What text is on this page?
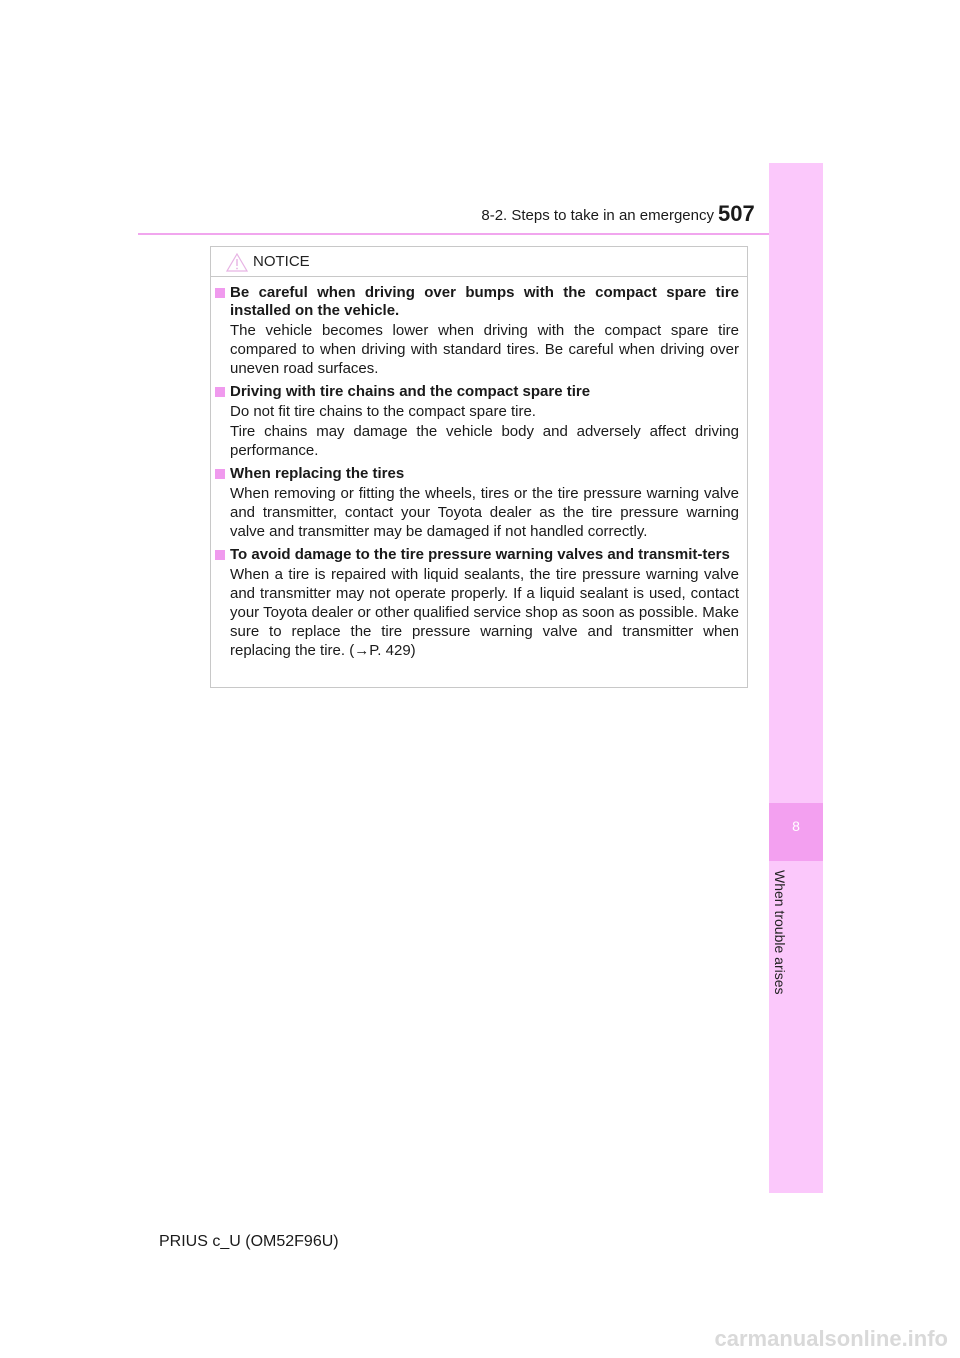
8-2. Steps to take in an emergency 507
8
When trouble arises
NOTICE
Be careful when driving over bumps with the compact spare tire installed on the vehicle.
The vehicle becomes lower when driving with the compact spare tire compared to when driving with standard tires. Be careful when driving over uneven road surfaces.
Driving with tire chains and the compact spare tire
Do not fit tire chains to the compact spare tire.
Tire chains may damage the vehicle body and adversely affect driving performance.
When replacing the tires
When removing or fitting the wheels, tires or the tire pressure warning valve and transmitter, contact your Toyota dealer as the tire pressure warning valve and transmitter may be damaged if not handled correctly.
To avoid damage to the tire pressure warning valves and transmit-ters
When a tire is repaired with liquid sealants, the tire pressure warning valve and transmitter may not operate properly. If a liquid sealant is used, contact your Toyota dealer or other qualified service shop as soon as possible. Make sure to replace the tire pressure warning valve and transmitter when replacing the tire. (→P. 429)
PRIUS c_U (OM52F96U)
carmanualsonline.info
